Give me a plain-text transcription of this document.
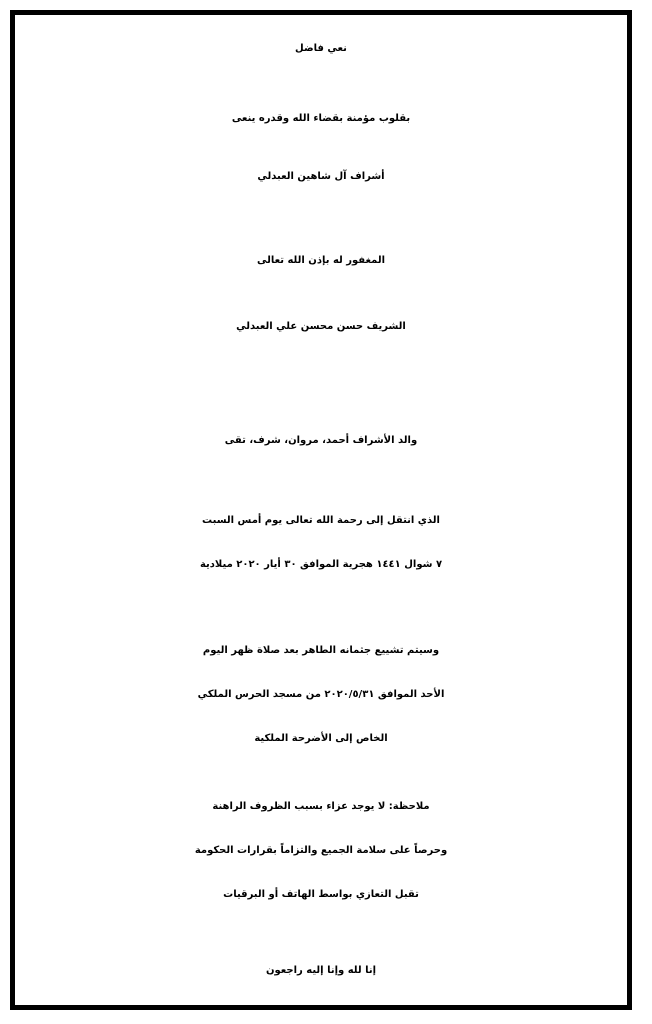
نعي فاضل

بقلوب مؤمنة بقضاء الله وقدره ينعى

أشراف آل شاهين العبدلي

المغفور له بإذن الله تعالى

الشريف حسن محسن علي العبدلي

والد الأشراف أحمد، مروان، شرف، تقى

الذي انتقل إلى رحمة الله تعالى يوم أمس السبت

٧ شوال ١٤٤١ هجرية الموافق ٣٠ أيار ٢٠٢٠ ميلادية

وسيتم تشييع جثمانه الطاهر بعد صلاة ظهر اليوم

الأحد الموافق ٢٠٢٠/٥/٣١ من مسجد الحرس الملكي

الخاص إلى الأضرحة الملكية

ملاحظة: لا يوجد عزاء بسبب الظروف الراهنة

وحرصاً على سلامة الجميع والتزاماً بقرارات الحكومة

تقبل التعازي بواسط الهاتف أو البرقيات

إنا لله وإنا إليه راجعون
